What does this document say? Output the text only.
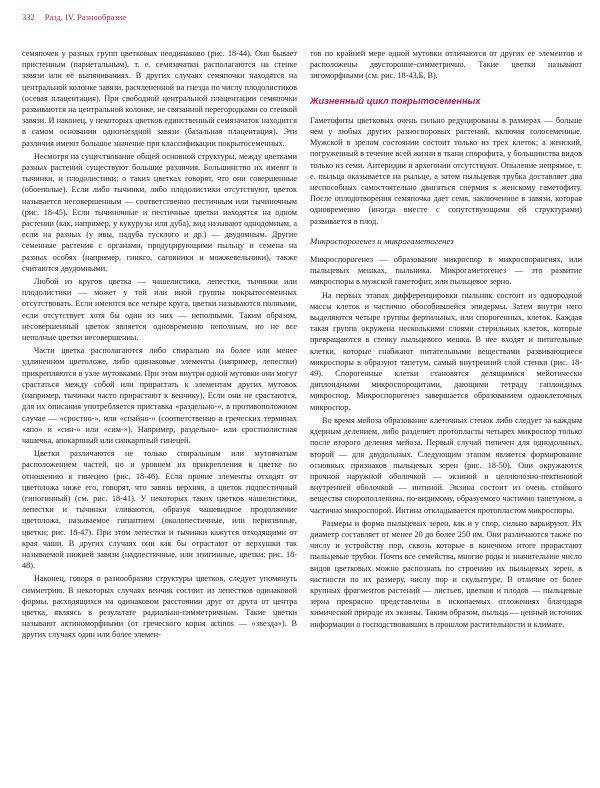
332 Разд. IV. Разнообразие

семяпочек у разных групп цветковых неодинаково (рис. 18-44). Оно бывает пристенным (париетальным), т. е. семязачатки располагаются на стенке завязи или её выпячиваниях. В других случаях семяпочки находятся на центральной колонке завязи, расчлененной на гнезда по числу плодолистиков (осевая плацентация). При свободной центральной плацентации семяпочки развиваются на центральной колонке, не связанной перегородками со стенкой завязи. И наконец, у некоторых цветков единственный семязачаток находится в самом основании одногнездной завязи (базальная плацентация). Эти различия имеют большое значение при классификации покрытосеменных.

Несмотря на существование общей основной структуры, между цветками разных растений существуют большие различия. Большинство их имеют и тычинки, и плодолистики; о таких цветках говорят, что они совершенные (обоеполые). Если либо тычинки, либо плодолистики отсутствуют, цветок называется несовершенным — соответственно пестичным или тычиночным (рис. 18-45). Если тычиночные и пестичные цветки находятся на одном растении (как, например, у кукурузы или дуба), вид называют однодомным, а если на разных (у ивы, падуба тусклого и др.) — двудомным. Другие семенные растения с органами, продуцирующими пыльцу и семена на разных особях (например, гинкго, саговники и можжевельники), также считаются двудомными.

Любой из кругов цветка — чашелистики, лепестки, тычинки или плодолистики — может у той или иной группы покрытосеменных отсутствовать. Если имеются все четыре круга, цветки называются полными, если отсутствует хотя бы один из них — неполными. Таким образом, несовершенный цветок является одновременно неполным, но не все неполные цветки несовершенны.

Части цветка располагаются либо спирально на более или менее удлиненном цветоложе, либо одинаковые элементы (например, лепестки) прикрепляются в узле мутовками. При этом внутри одной мутовки они могут срастаться между собой или прирастать к элементам других мутовок (например, тычинки часто прирастают к венчику). Если они не срастаются, для их описания употребляется приставка «раздельно-», в противоположном случае — «сростно-», или «спайно-» (соответственно в греческих терминах «апо» и «син-» или «сим-»). Например, раздельно- или сростнолистная чашечка, апокарпный или синкарпный гинецей.

Цветки различаются не только спиральным или мутовчатым расположением частей, но и уровнем их прикрепления в цветке по отношению к гинецею (рис. 18-46). Если прочие элементы отходят от цветоложа ниже его, говорят, что завязь верхняя, а цветок подпестичный (гипогинный) (см. рис. 18-41). У некоторых таких цветков чашелистики, лепестки и тычинки сливаются, образуя чашевидное продолжение цветоложа, называемое гипантием (околопестичные, или перигинные, цветки; рис. 18-47). При этом лепестки и тычинки кажутся отходящими от края чаши. В других случаях они как бы отрастают от верхушки так называемой нижней завязи (надпестичные, или эпигинные, цветки; рис. 18-48).

Наконец, говоря о разнообразии структуры цветков, следует упомянуть симметрию. В некоторых случаях венчик состоит из лепестков одинаковой формы, расходящихся на одинаковом расстоянии друг от друга от центра цветка, являясь в результате радиально-симметричным. Такие цветки называют актиноморфными (от греческого корня actinos — «звезда»). В других случаях один или более элемен-

тов по крайней мере одной мутовки отличаются от других ее элементов и расположены двусторонне-симметрично. Такие цветки называют зигоморфными (см. рис. 18-43,Б, В).

Жизненный цикл покрытосеменных

Гаметофиты цветковых очень сильно редуцированы в размерах — больше чем у любых других разноспоровых растений, включая голосеменные. Мужской в зрелом состоянии состоит только из трех клеток; а женский, погруженный в течение всей жизни в ткани спорофита, у большинства видов только из семи. Антеридии и архегонии отсутствуют. Опыление непрямое, т. е. пыльца оказывается на рыльце, а затем пыльцевая трубка доставляет два неспособных самостоятельно двигаться спермия к женскому гаметофиту. После оплодотворения семяпочка дает семя, заключенное в завязи, которая одновременно (иногда вместе с сопутствующими ей структурами) развивается в плод.

Микроспорогенез и микрогаметогенез

Микроспорогенез — образование микроспор в микроспорангиях, или пыльцевых мешках, пыльника. Микрогаметогенез — это развитие микроспоры в мужской гаметофит, или пыльцевое зерно.

На первых этапах дифференцировки пыльник состоит из однородной массы клеток и частично обособившейся эпидермы. Затем внутри него выделяются четыре группы фертильных, или спорогенных, клеток. Каждая такая группа окружена несколькими слоями стерильных клеток, которые превращаются в стенку пыльцевого мешка. В нее входят и питательные клетки, которые снабжают питательными веществами развивающиеся микроспоры в образуют тапетум, самый внутренний слой стенки (рис. 18-49). Спорогенные клетки становятся делящимися мейотически диплоидными микроспороцитами, дающими тетраду гаплоидных микроспор. Микроспорогенез завершается образованием одноклеточных микроспор.

Во время мейоза образование клеточных стенок либо следует за каждым ядерным делением, либо разделяет протопласты четырех микроспор только после второго деления мейоза. Первый случай типичен для однодольных, второй — для двудольных. Следующим этапом является формирование основных признаков пыльцевых зерен (рис. 18-50). Они окружаются прочной наружной оболочкой — экзиной и целлюлозно-пектиновой внутренней оболочкой — интиной. Экзина состоит из очень стойкого вещества спорополленина, по-видимому, образуемого частично тапетумом, а частично микроспорой. Интина откладывается протопластом микроспоры.

Размеры и форма пыльцевых зерен, как и у спор, сильно варьируют. Их диаметр составляет от менее 20 до более 250 нм. Они различаются также по числу и устройству пор, сквозь которые в конечном итоге прорастают пыльцевые трубки. Почти все семейства, многие роды и значительное число видов цветковых можно распознать по строению их пыльцевых зерен, в частности по их размеру, числу пор и скульптуре. В отличие от более крупных фрагментов растений — листьев, цветков и плодов — пыльцевые зерна прекрасно представлены в ископаемых отложениях благодаря химической природе их экзины. Таким образом, пыльца — ценный источник информации о господствовавших в прошлом растительности и климате.
